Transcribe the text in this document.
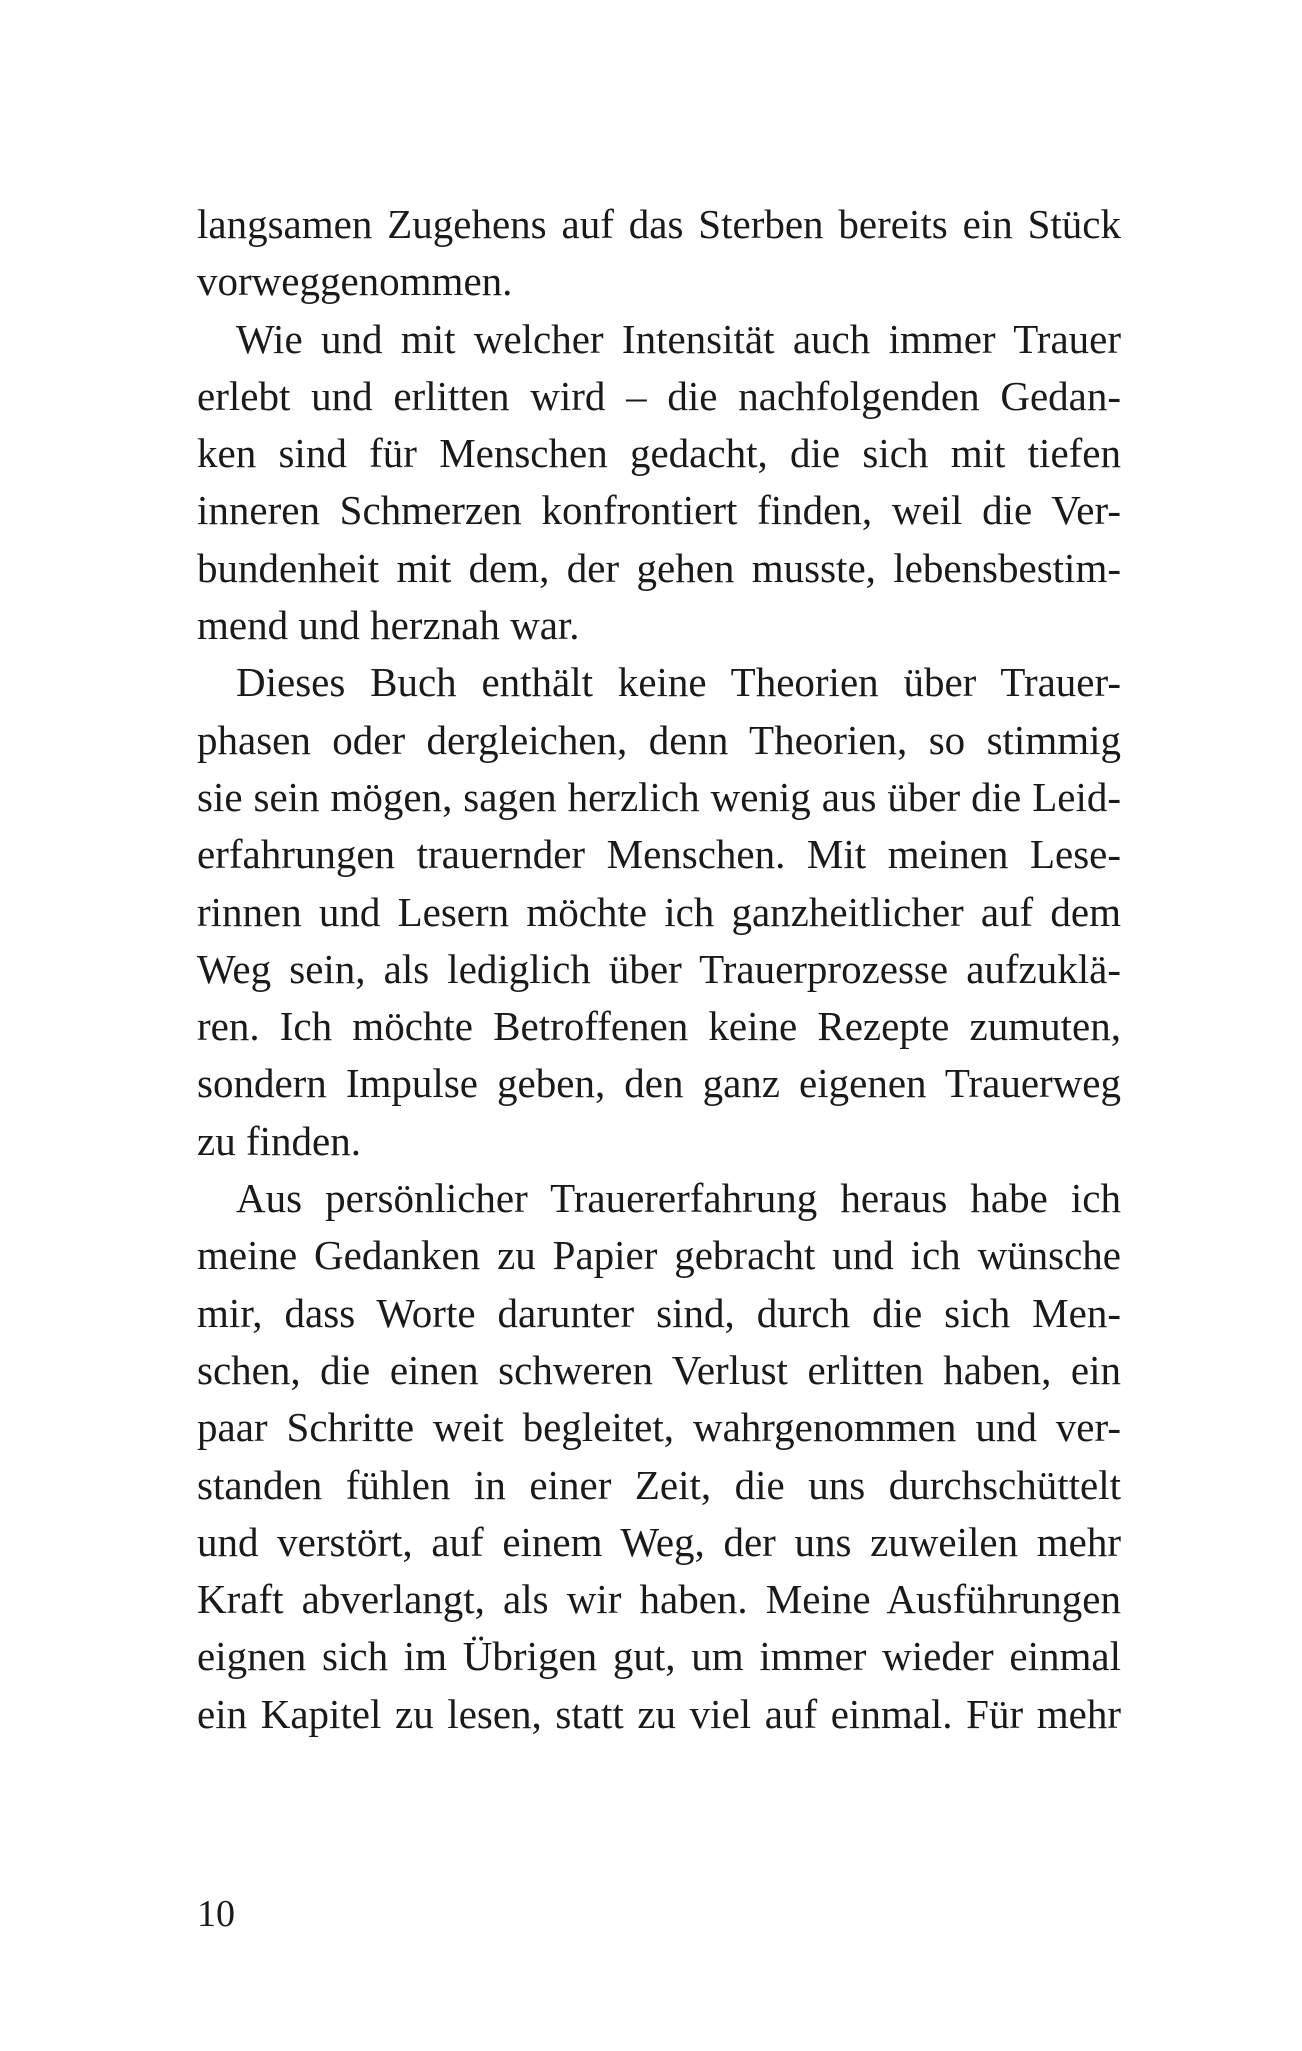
langsamen Zugehens auf das Sterben bereits ein Stück
vorweggenommen.
Wie und mit welcher Intensität auch immer Trauer
erlebt und erlitten wird – die nachfolgenden Gedan-
ken sind für Menschen gedacht, die sich mit tiefen
inneren Schmerzen konfrontiert finden, weil die Ver-
bundenheit mit dem, der gehen musste, lebensbestim-
mend und herznah war.
Dieses Buch enthält keine Theorien über Trauer-
phasen oder dergleichen, denn Theorien, so stimmig
sie sein mögen, sagen herzlich wenig aus über die Leid-
erfahrungen trauernder Menschen. Mit meinen Lese-
rinnen und Lesern möchte ich ganzheitlicher auf dem
Weg sein, als lediglich über Trauerprozesse aufzuklä-
ren. Ich möchte Betroffenen keine Rezepte zumuten,
sondern Impulse geben, den ganz eigenen Trauerweg
zu finden.
Aus persönlicher Trauererfahrung heraus habe ich
meine Gedanken zu Papier gebracht und ich wünsche
mir, dass Worte darunter sind, durch die sich Men-
schen, die einen schweren Verlust erlitten haben, ein
paar Schritte weit begleitet, wahrgenommen und ver-
standen fühlen in einer Zeit, die uns durchschüttelt
und verstört, auf einem Weg, der uns zuweilen mehr
Kraft abverlangt, als wir haben. Meine Ausführungen
eignen sich im Übrigen gut, um immer wieder einmal
ein Kapitel zu lesen, statt zu viel auf einmal. Für mehr
10
